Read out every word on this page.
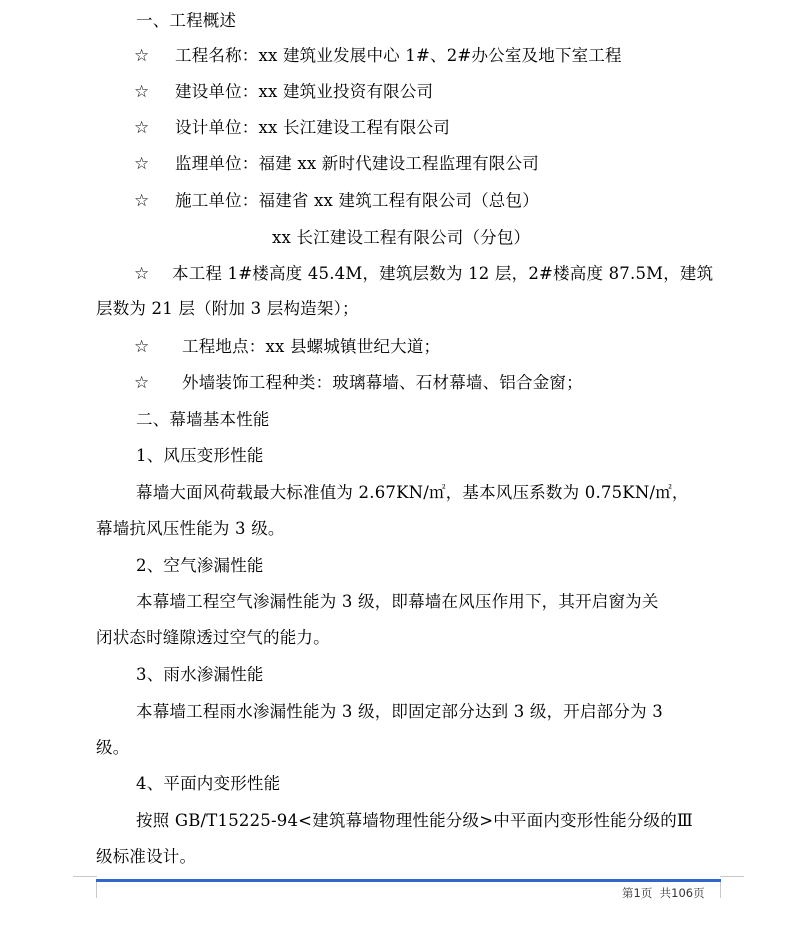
一、工程概述
☆ 工程名称：xx 建筑业发展中心 1#、2#办公室及地下室工程
☆ 建设单位：xx 建筑业投资有限公司
☆ 设计单位：xx 长江建设工程有限公司
☆ 监理单位：福建 xx 新时代建设工程监理有限公司
☆ 施工单位：福建省 xx 建筑工程有限公司（总包）
xx 长江建设工程有限公司（分包）
☆ 本工程 1#楼高度 45.4M，建筑层数为 12 层，2#楼高度 87.5M，建筑
层数为 21 层（附加 3 层构造架）；
☆ 工程地点：xx 县螺城镇世纪大道；
☆ 外墙装饰工程种类：玻璃幕墙、石材幕墙、铝合金窗；
二、幕墙基本性能
1、风压变形性能
幕墙大面风荷载最大标准值为 2.67KN/㎡，基本风压系数为 0.75KN/㎡，
幕墙抗风压性能为 3 级。
2、空气渗漏性能
本幕墙工程空气渗漏性能为 3 级，即幕墙在风压作用下，其开启窗为关
闭状态时缝隙透过空气的能力。
3、雨水渗漏性能
本幕墙工程雨水渗漏性能为 3 级，即固定部分达到 3 级，开启部分为 3
级。
4、平面内变形性能
按照 GB/T15225-94<建筑幕墙物理性能分级>中平面内变形性能分级的Ⅲ
级标准设计。
第1页  共106页
